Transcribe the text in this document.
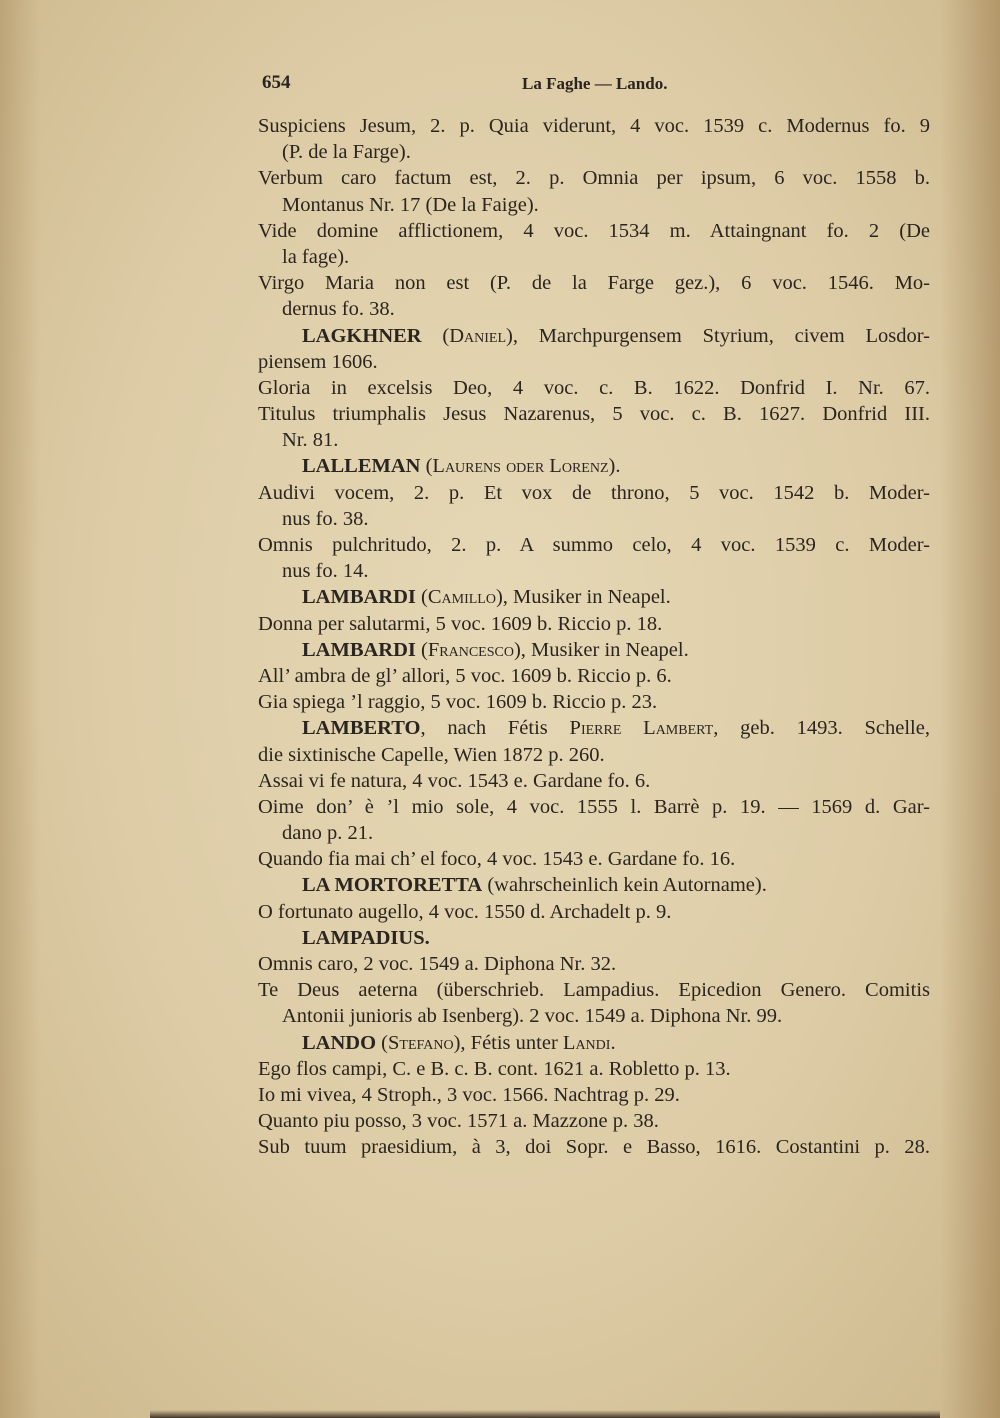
654	La Faghe — Lando.
Suspiciens Jesum, 2. p. Quia viderunt, 4 voc. 1539 c. Modernus fo. 9
(P. de la Farge).
Verbum caro factum est, 2. p. Omnia per ipsum, 6 voc. 1558 b.
Montanus Nr. 17 (De la Faige).
Vide domine afflictionem, 4 voc. 1534 m. Attaingnant fo. 2 (De
la fage).
Virgo Maria non est (P. de la Farge gez.), 6 voc. 1546. Mo-
dernus fo. 38.
LAGKHNER (Daniel), Marchpurgensem Styrium, civem Losdor-
piensem 1606.
Gloria in excelsis Deo, 4 voc. c. B. 1622. Donfrid I. Nr. 67.
Titulus triumphalis Jesus Nazarenus, 5 voc. c. B. 1627. Donfrid III.
Nr. 81.
LALLEMAN (Laurens oder Lorenz).
Audivi vocem, 2. p. Et vox de throno, 5 voc. 1542 b. Moder-
nus fo. 38.
Omnis pulchritudo, 2. p. A summo celo, 4 voc. 1539 c. Moder-
nus fo. 14.
LAMBARDI (Camillo), Musiker in Neapel.
Donna per salutarmi, 5 voc. 1609 b. Riccio p. 18.
LAMBARDI (Francesco), Musiker in Neapel.
All’ ambra de gl’ allori, 5 voc. 1609 b. Riccio p. 6.
Gia spiega ’l raggio, 5 voc. 1609 b. Riccio p. 23.
LAMBERTO, nach Fétis Pierre Lambert, geb. 1493. Schelle,
die sixtinische Capelle, Wien 1872 p. 260.
Assai vi fe natura, 4 voc. 1543 e. Gardane fo. 6.
Oime don’ è ’l mio sole, 4 voc. 1555 l. Barrè p. 19. — 1569 d. Gar-
dano p. 21.
Quando fia mai ch’ el foco, 4 voc. 1543 e. Gardane fo. 16.
LA MORTORETTA (wahrscheinlich kein Autorname).
O fortunato augello, 4 voc. 1550 d. Archadelt p. 9.
LAMPADIUS.
Omnis caro, 2 voc. 1549 a. Diphona Nr. 32.
Te Deus aeterna (überschrieb. Lampadius. Epicedion Genero. Comitis
Antonii junioris ab Isenberg). 2 voc. 1549 a. Diphona Nr. 99.
LANDO (Stefano), Fétis unter Landi.
Ego flos campi, C. e B. c. B. cont. 1621 a. Robletto p. 13.
Io mi vivea, 4 Stroph., 3 voc. 1566. Nachtrag p. 29.
Quanto piu posso, 3 voc. 1571 a. Mazzone p. 38.
Sub tuum praesidium, à 3, doi Sopr. e Basso, 1616. Costantini p. 28.
